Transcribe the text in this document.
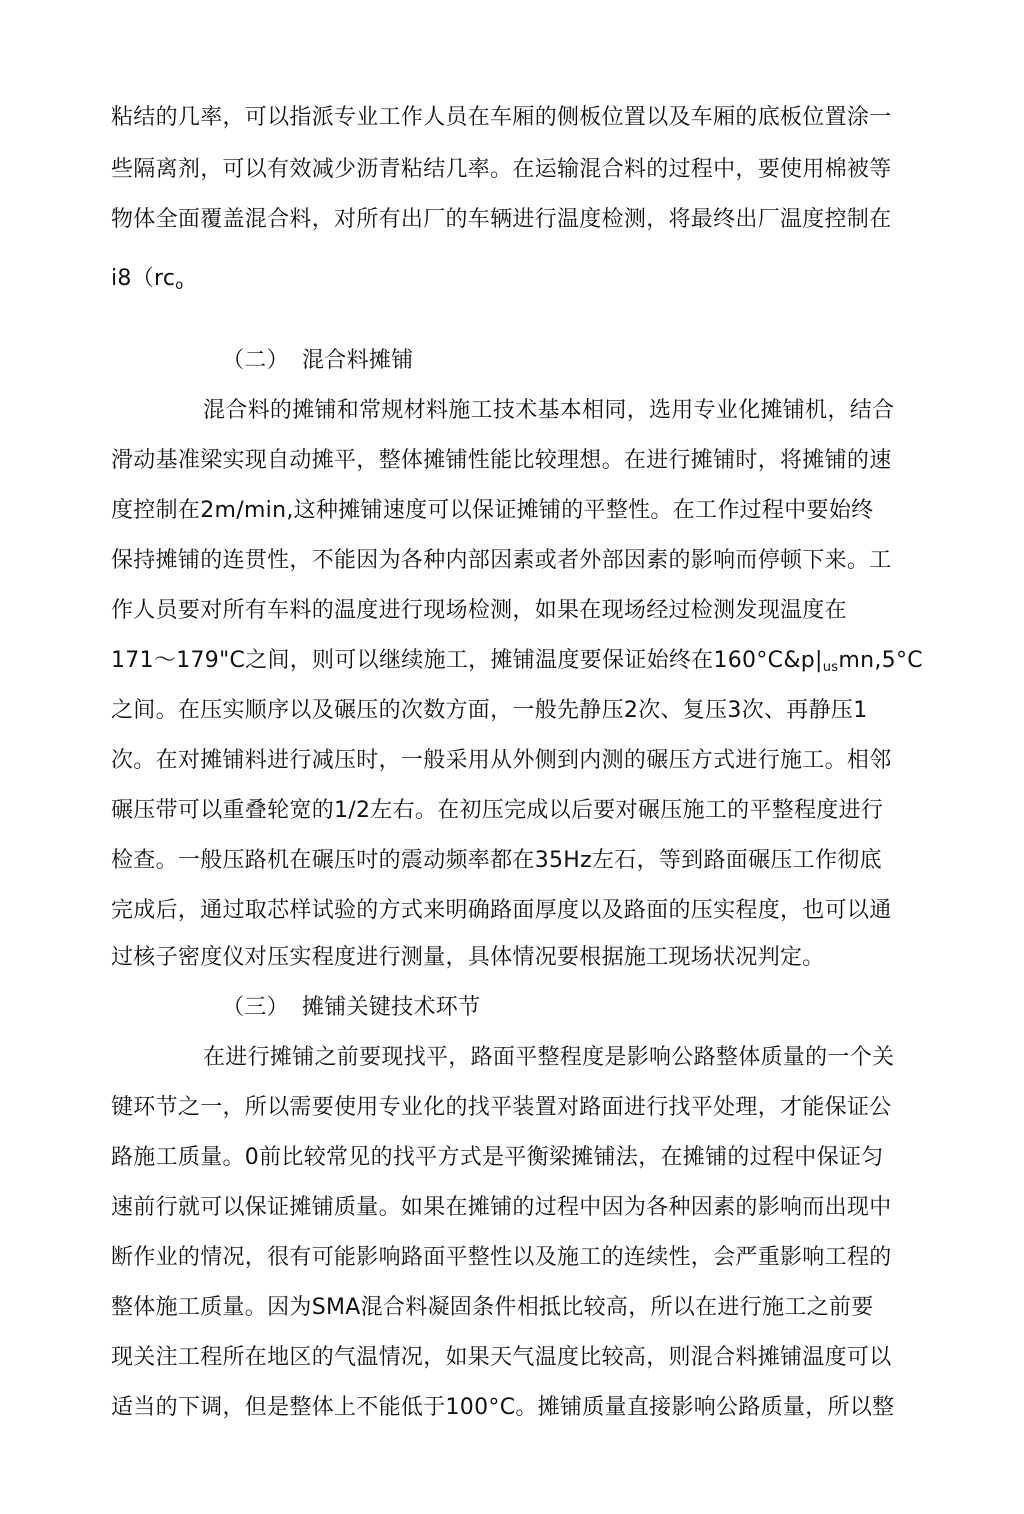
粘结的几率，可以指派专业工作人员在车厢的侧板位置以及车厢的底板位置涂一
些隔离剂，可以有效减少沥青粘结几率。在运输混合料的过程中，要使用棉被等
物体全面覆盖混合料，对所有出厂的车辆进行温度检测，将最终出厂温度控制在
i8（rco
（二） 混合料摊铺
混合料的摊铺和常规材料施工技术基本相同，选用专业化摊铺机，结合
滑动基准梁实现自动摊平，整体摊铺性能比较理想。在进行摊铺时，将摊铺的速
度控制在2m/min,这种摊铺速度可以保证摊铺的平整性。在工作过程中要始终
保持摊铺的连贯性，不能因为各种内部因素或者外部因素的影响而停顿下来。工
作人员要对所有车料的温度进行现场检测，如果在现场经过检测发现温度在
171～179"C之间，则可以继续施工，摊铺温度要保证始终在160°C&p|usmn,5°C
之间。在压实顺序以及碾压的次数方面，一般先静压2次、复压3次、再静压1
次。在对摊铺料进行减压时，一般采用从外侧到内测的碾压方式进行施工。相邻
碾压带可以重叠轮宽的1/2左右。在初压完成以后要对碾压施工的平整程度进行
检查。一般压路机在碾压吋的震动频率都在35Hz左石，等到路面碾压工作彻底
完成后，通过取芯样试验的方式来明确路面厚度以及路面的压实程度，也可以通
过核子密度仪对压实程度进行测量，具体情况要根据施工现场状况判定。
（三） 摊铺关键技术环节
在进行摊铺之前要现找平，路面平整程度是影响公路整体质量的一个关
键环节之一，所以需要使用专业化的找平装置对路面进行找平处理，才能保证公
路施工质量。0前比较常见的找平方式是平衡梁摊铺法，在摊铺的过程中保证匀
速前行就可以保证摊铺质量。如果在摊铺的过程中因为各种因素的影响而出现中
断作业的情况，很有可能影响路面平整性以及施工的连续性，会严重影响工程的
整体施工质量。因为SMA混合料凝固条件相抵比较高，所以在进行施工之前要
现关注工程所在地区的气温情况，如果天气温度比较高，则混合料摊铺温度可以
适当的下调，但是整体上不能低于100°C。摊铺质量直接影响公路质量，所以整
